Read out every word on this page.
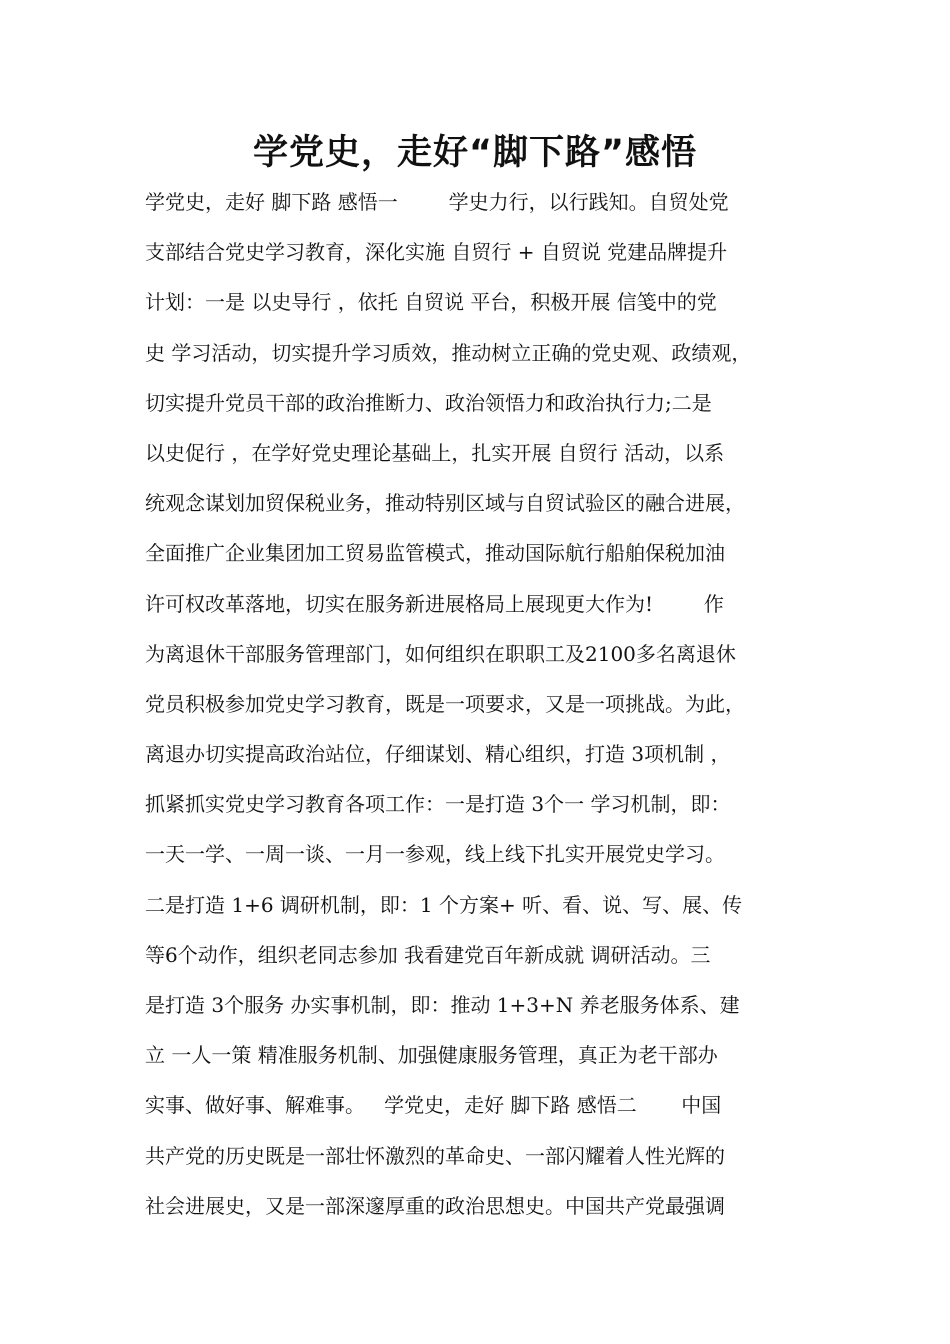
学党史，走好“脚下路”感悟
学党史，走好 脚下路 感悟一        学史力行，以行践知。自贸处党
支部结合党史学习教育，深化实施 自贸行 + 自贸说 党建品牌提升
计划：一是 以史导行 ，依托 自贸说 平台，积极开展 信笺中的党
史 学习活动，切实提升学习质效，推动树立正确的党史观、政绩观，
切实提升党员干部的政治推断力、政治领悟力和政治执行力;二是
以史促行 ，在学好党史理论基础上，扎实开展 自贸行 活动，以系
统观念谋划加贸保税业务，推动特别区域与自贸试验区的融合进展，
全面推广企业集团加工贸易监管模式，推动国际航行船舶保税加油
许可权改革落地，切实在服务新进展格局上展现更大作为!        作
为离退休干部服务管理部门，如何组织在职职工及2100多名离退休
党员积极参加党史学习教育，既是一项要求，又是一项挑战。为此，
离退办切实提高政治站位，仔细谋划、精心组织，打造 3项机制 ，
抓紧抓实党史学习教育各项工作：一是打造 3个一 学习机制，即：
一天一学、一周一谈、一月一参观，线上线下扎实开展党史学习。
二是打造 1+6 调研机制，即：1 个方案+ 听、看、说、写、展、传
等6个动作，组织老同志参加 我看建党百年新成就 调研活动。三
是打造 3个服务 办实事机制，即：推动 1+3+N 养老服务体系、建
立 一人一策 精准服务机制、加强健康服务管理，真正为老干部办
实事、做好事、解难事。   学党史，走好 脚下路 感悟二       中国
共产党的历史既是一部壮怀激烈的革命史、一部闪耀着人性光辉的
社会进展史，又是一部深邃厚重的政治思想史。中国共产党最强调
